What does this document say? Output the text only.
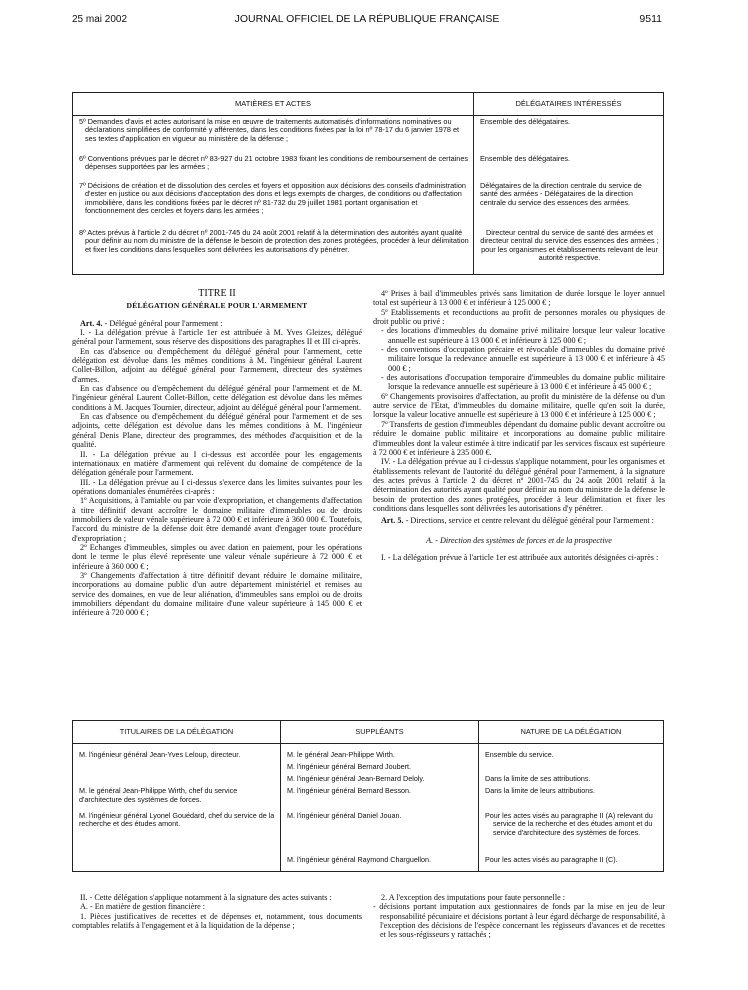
25 mai 2002	JOURNAL OFFICIEL DE LA RÉPUBLIQUE FRANÇAISE	9511
MATIÈRES ET ACTES	DÉLÉGATAIRES INTÉRESSÉS

5º Demandes d'avis et actes autorisant la mise en œuvre de traitements automatisés d'informations nominatives ou déclarations simplifiées de conformité y afférentes, dans les conditions fixées par la loi nº 78-17 du 6 janvier 1978 et ses textes d'application en vigueur au ministère de la défense ;	Ensemble des délégataires.

6º Conventions prévues par le décret nº 83-927 du 21 octobre 1983 fixant les conditions de remboursement de certaines dépenses supportées par les armées ;	Ensemble des délégataires.

7º Décisions de création et de dissolution des cercles et foyers et opposition aux décisions des conseils d'administration d'ester en justice ou aux décisions d'acceptation des dons et legs exempts de charges, de conditions ou d'affectation immobilière, dans les conditions fixées par le décret nº 81-732 du 29 juillet 1981 portant organisation et fonctionnement des cercles et foyers dans les armées ;	Délégataires de la direction centrale du service de santé des armées - Délégataires de la direction centrale du service des essences des armées.

8º Actes prévus à l'article 2 du décret nº 2001-745 du 24 août 2001 relatif à la détermination des autorités ayant qualité pour définir au nom du ministre de la défense le besoin de protection des zones protégées, procéder à leur délimitation et fixer les conditions dans lesquelles sont délivrées les autorisations d'y pénétrer.	Directeur central du service de santé des armées et directeur central du service des essences des armées ; pour les organismes et établissements relevant de leur autorité respective.
TITRE II
DÉLÉGATION GÉNÉRALE POUR L'ARMEMENT

Art. 4. - Délégué général pour l'armement :

I. - La délégation prévue à l'article 1er est attribuée à M. Yves Gleizes, délégué général pour l'armement, sous réserve des dispositions des paragraphes II et III ci-après.

En cas d'absence ou d'empêchement du délégué général pour l'armement, cette délégation est dévolue dans les mêmes conditions à M. l'ingénieur général Laurent Collet-Billon, adjoint au délégué général pour l'armement, directeur des systèmes d'armes.

En cas d'absence ou d'empêchement du délégué général pour l'armement et de M. l'ingénieur général Laurent Collet-Billon, cette délégation est dévolue dans les mêmes conditions à M. Jacques Tournier, directeur, adjoint au délégué général pour l'armement.

En cas d'absence ou d'empêchement du délégué général pour l'armement et de ses adjoints, cette délégation est dévolue dans les mêmes conditions à M. l'ingénieur général Denis Plane, directeur des programmes, des méthodes d'acquisition et de la qualité.

II. - La délégation prévue au I ci-dessus est accordée pour les engagements internationaux en matière d'armement qui relèvent du domaine de compétence de la délégation générale pour l'armement.

III. - La délégation prévue au I ci-dessus s'exerce dans les limites suivantes pour les opérations domaniales énumérées ci-après :

1º Acquisitions, à l'amiable ou par voie d'expropriation, et changements d'affectation à titre définitif devant accroître le domaine militaire d'immeubles ou de droits immobiliers de valeur vénale supérieure à 72 000 € et inférieure à 360 000 €. Toutefois, l'accord du ministre de la défense doit être demandé avant d'engager toute procédure d'expropriation ;

2º Echanges d'immeubles, simples ou avec dation en paiement, pour les opérations dont le terme le plus élevé représente une valeur vénale supérieure à 72 000 € et inférieure à 360 000 € ;

3º Changements d'affectation à titre définitif devant réduire le domaine militaire, incorporations au domaine public d'un autre département ministériel et remises au service des domaines, en vue de leur aliénation, d'immeubles sans emploi ou de droits immobiliers dépendant du domaine militaire d'une valeur supérieure à 145 000 € et inférieure à 720 000 € ;

4º Prises à bail d'immeubles privés sans limitation de durée lorsque le loyer annuel total est supérieur à 13 000 € et inférieur à 125 000 € ;

5º Etablissements et reconductions au profit de personnes morales ou physiques de droit public ou privé :

- des locations d'immeubles du domaine privé militaire lorsque leur valeur locative annuelle est supérieure à 13 000 € et inférieure à 125 000 € ;

- des conventions d'occupation précaire et révocable d'immeubles du domaine privé militaire lorsque la redevance annuelle est supérieure à 13 000 € et inférieure à 45 000 € ;

- des autorisations d'occupation temporaire d'immeubles du domaine public militaire lorsque la redevance annuelle est supérieure à 13 000 € et inférieure à 45 000 € ;

6º Changements provisoires d'affectation, au profit du ministère de la défense ou d'un autre service de l'Etat, d'immeubles du domaine militaire, quelle qu'en soit la durée, lorsque la valeur locative annuelle est supérieure à 13 000 € et inférieure à 125 000 € ;

7º Transferts de gestion d'immeubles dépendant du domaine public devant accroître ou réduire le domaine public militaire et incorporations au domaine public militaire d'immeubles dont la valeur estimée à titre indicatif par les services fiscaux est supérieure à 72 000 € et inférieure à 235 000 €.

IV. - La délégation prévue au I ci-dessus s'applique notamment, pour les organismes et établissements relevant de l'autorité du délégué général pour l'armement, à la signature des actes prévus à l'article 2 du décret nº 2001-745 du 24 août 2001 relatif à la détermination des autorités ayant qualité pour définir au nom du ministre de la défense le besoin de protection des zones protégées, procéder à leur délimitation et fixer les conditions dans lesquelles sont délivrées les autorisations d'y pénétrer.

Art. 5. - Directions, service et centre relevant du délégué général pour l'armement :

A. - Direction des systèmes de forces et de la prospective

I. - La délégation prévue à l'article 1er est attribuée aux autorités désignées ci-après :

TITULAIRES DE LA DÉLÉGATION	SUPPLÉANTS	NATURE DE LA DÉLÉGATION

M. l'ingénieur général Jean-Yves Leloup, directeur.	M. le général Jean-Philippe Wirth.	Ensemble du service.
	M. l'ingénieur général Bernard Joubert.	
	M. l'ingénieur général Jean-Bernard Deloly.	Dans la limite de ses attributions.
M. le général Jean-Philippe Wirth, chef du service d'architecture des systèmes de forces.	M. l'ingénieur général Bernard Besson.	Dans la limite de leurs attributions.
M. l'ingénieur général Lyonel Gouédard, chef du service de la recherche et des études amont.	M. l'ingénieur général Daniel Jouan.	Pour les actes visés au paragraphe II (A) relevant du service de la recherche et des études amont et du service d'architecture des systèmes de forces.

	M. l'ingénieur général Raymond Charguellon.	Pour les actes visés au paragraphe II (C).

II. - Cette délégation s'applique notamment à la signature des actes suivants :

A. - En matière de gestion financière :

1. Pièces justificatives de recettes et de dépenses et, notamment, tous documents comptables relatifs à l'engagement et à la liquidation de la dépense ;

2. A l'exception des imputations pour faute personnelle :

- décisions portant imputation aux gestionnaires de fonds par la mise en jeu de leur responsabilité pécuniaire et décisions portant à leur égard décharge de responsabilité, à l'exception des décisions de l'espèce concernant les régisseurs d'avances et de recettes et les sous-régisseurs y rattachés ;
